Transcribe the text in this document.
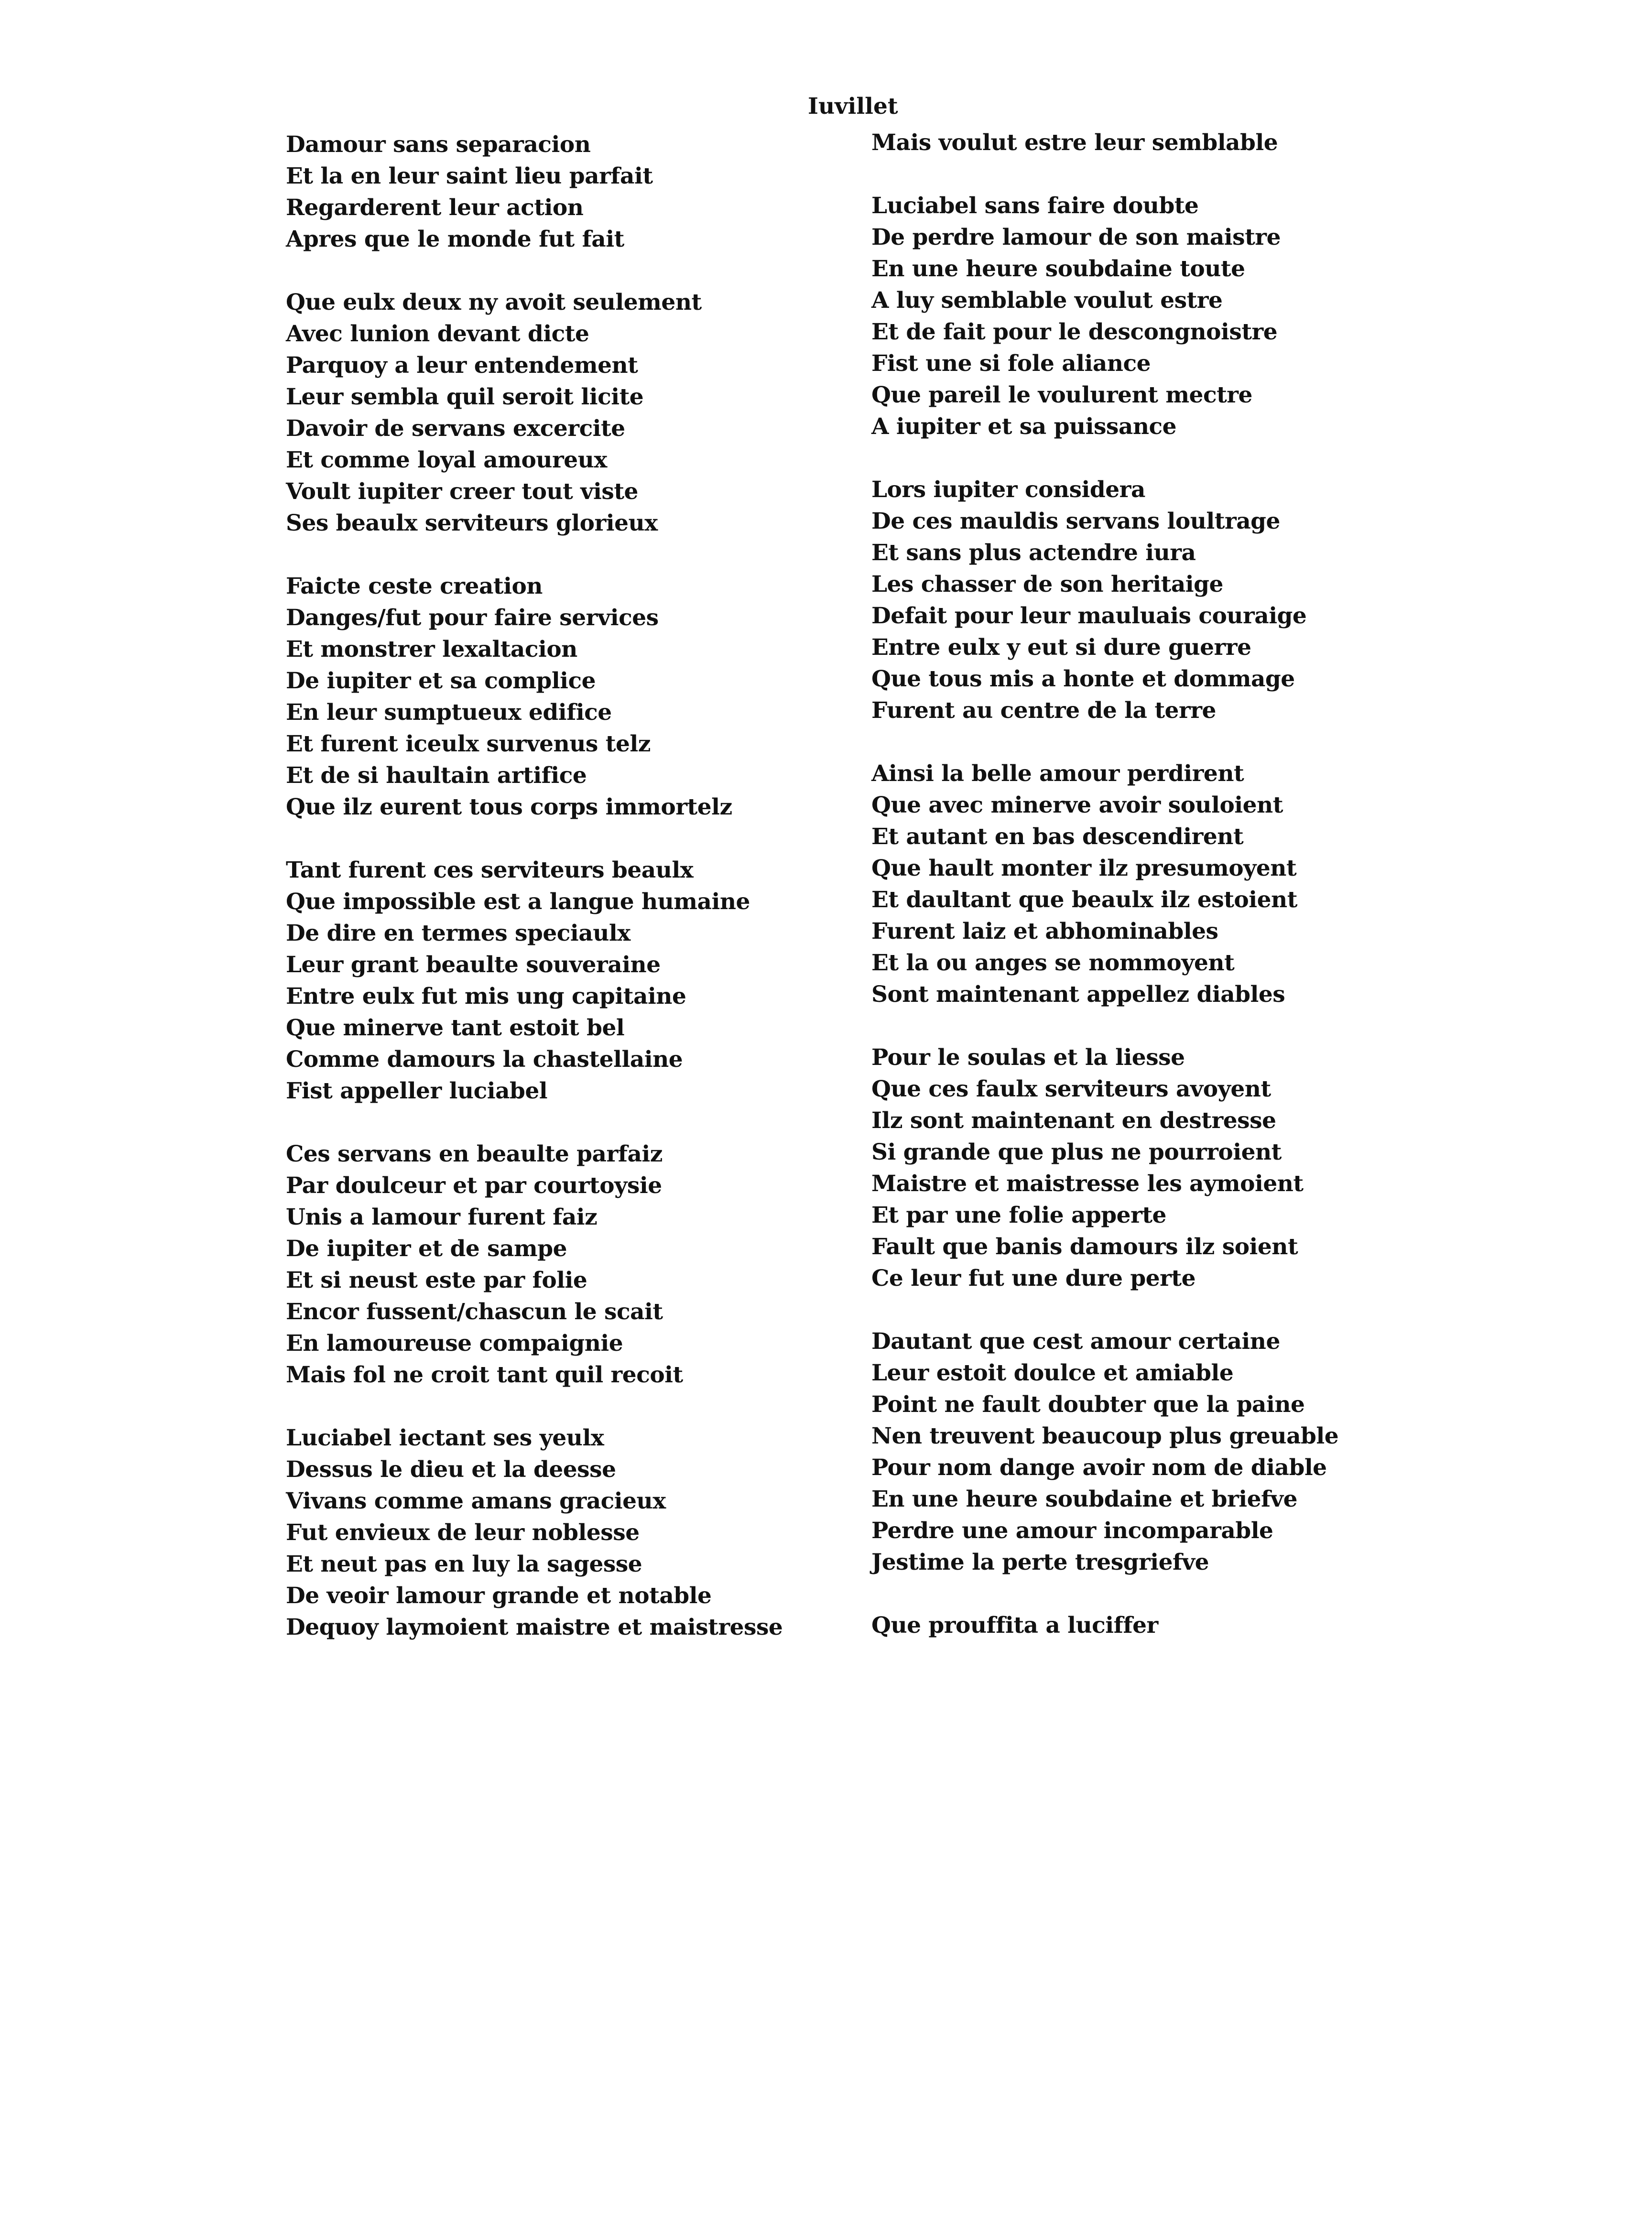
Iuvillet
Damour sans separacion
Et la en leur saint lieu parfait
Regarderent leur action
Apres que le monde fut fait
Que eulx deux ny avoit seulement
Avec lunion devant dicte
Parquoy a leur entendement
Leur sembla quil seroit licite
Davoir de servans excercite
Et comme loyal amoureux
Voult iupiter creer tout viste
Ses beaulx serviteurs glorieux
Faicte ceste creation
Danges/fut pour faire services
Et monstrer lexaltacion
De iupiter et sa complice
En leur sumptueux edifice
Et furent iceulx survenus telz
Et de si haultain artifice
Que ilz eurent tous corps immortelz
Tant furent ces serviteurs beaulx
Que impossible est a langue humaine
De dire en termes speciaulx
Leur grant beaulte souveraine
Entre eulx fut mis ung capitaine
Que minerve tant estoit bel
Comme damours la chastellaine
Fist appeller luciabel
Ces servans en beaulte parfaiz
Par doulceur et par courtoysie
Unis a lamour furent faiz
De iupiter et de sampe
Et si neust este par folie
Encor fussent/chascun le scait
En lamoureuse compaignie
Mais fol ne croit tant quil recoit
Luciabel iectant ses yeulx
Dessus le dieu et la deesse
Vivans comme amans gracieux
Fut envieux de leur noblesse
Et neut pas en luy la sagesse
De veoir lamour grande et notable
Dequoy laymoient maistre et maistresse
Mais voulut estre leur semblable
Luciabel sans faire doubte
De perdre lamour de son maistre
En une heure soubdaine toute
A luy semblable voulut estre
Et de fait pour le descongnoistre
Fist une si fole aliance
Que pareil le voulurent mectre
A iupiter et sa puissance
Lors iupiter considera
De ces mauldis servans loultrage
Et sans plus actendre iura
Les chasser de son heritaige
Defait pour leur mauluais couraige
Entre eulx y eut si dure guerre
Que tous mis a honte et dommage
Furent au centre de la terre
Ainsi la belle amour perdirent
Que avec minerve avoir souloient
Et autant en bas descendirent
Que hault monter ilz presumoyent
Et daultant que beaulx ilz estoient
Furent laiz et abhominables
Et la ou anges se nommoyent
Sont maintenant appellez diables
Pour le soulas et la liesse
Que ces faulx serviteurs avoyent
Ilz sont maintenant en destresse
Si grande que plus ne pourroient
Maistre et maistresse les aymoient
Et par une folie apperte
Fault que banis damours ilz soient
Ce leur fut une dure perte
Dautant que cest amour certaine
Leur estoit doulce et amiable
Point ne fault doubter que la paine
Nen treuvent beaucoup plus greuable
Pour nom dange avoir nom de diable
En une heure soubdaine et briefve
Perdre une amour incomparable
Jestime la perte tresgriefve
Que prouffita a luciffer
